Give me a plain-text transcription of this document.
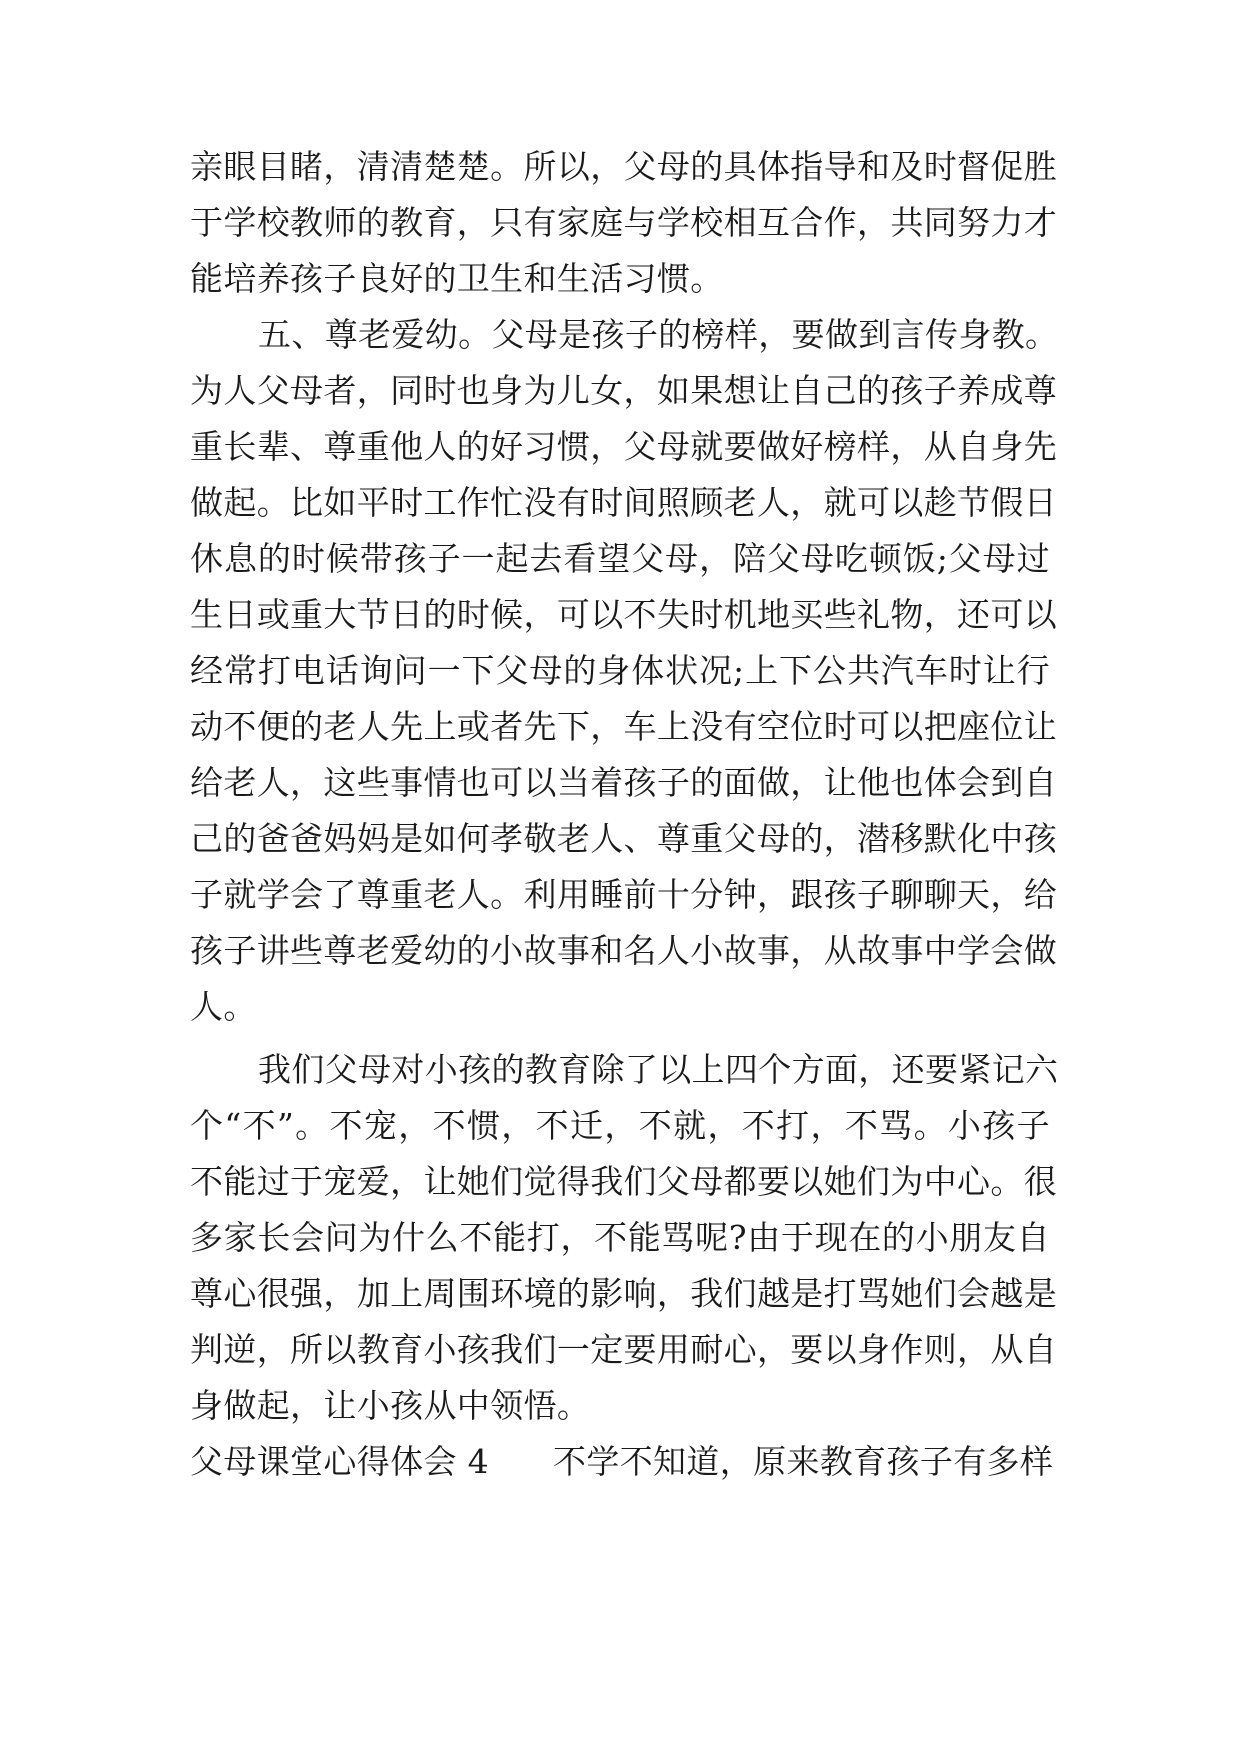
亲眼目睹，清清楚楚。所以，父母的具体指导和及时督促胜
于学校教师的教育，只有家庭与学校相互合作，共同努力才
能培养孩子良好的卫生和生活习惯。
五、尊老爱幼。父母是孩子的榜样，要做到言传身教。
为人父母者，同时也身为儿女，如果想让自己的孩子养成尊
重长辈、尊重他人的好习惯，父母就要做好榜样，从自身先
做起。比如平时工作忙没有时间照顾老人，就可以趁节假日
休息的时候带孩子一起去看望父母，陪父母吃顿饭;父母过
生日或重大节日的时候，可以不失时机地买些礼物，还可以
经常打电话询问一下父母的身体状况;上下公共汽车时让行
动不便的老人先上或者先下，车上没有空位时可以把座位让
给老人，这些事情也可以当着孩子的面做，让他也体会到自
己的爸爸妈妈是如何孝敬老人、尊重父母的，潜移默化中孩
子就学会了尊重老人。利用睡前十分钟，跟孩子聊聊天，给
孩子讲些尊老爱幼的小故事和名人小故事，从故事中学会做
人。
我们父母对小孩的教育除了以上四个方面，还要紧记六
个“不”。不宠，不惯，不迁，不就，不打，不骂。小孩子
不能过于宠爱，让她们觉得我们父母都要以她们为中心。很
多家长会问为什么不能打，不能骂呢?由于现在的小朋友自
尊心很强，加上周围环境的影响，我们越是打骂她们会越是
判逆，所以教育小孩我们一定要用耐心，要以身作则，从自
身做起，让小孩从中领悟。
父母课堂心得体会 4 不学不知道，原来教育孩子有多样
